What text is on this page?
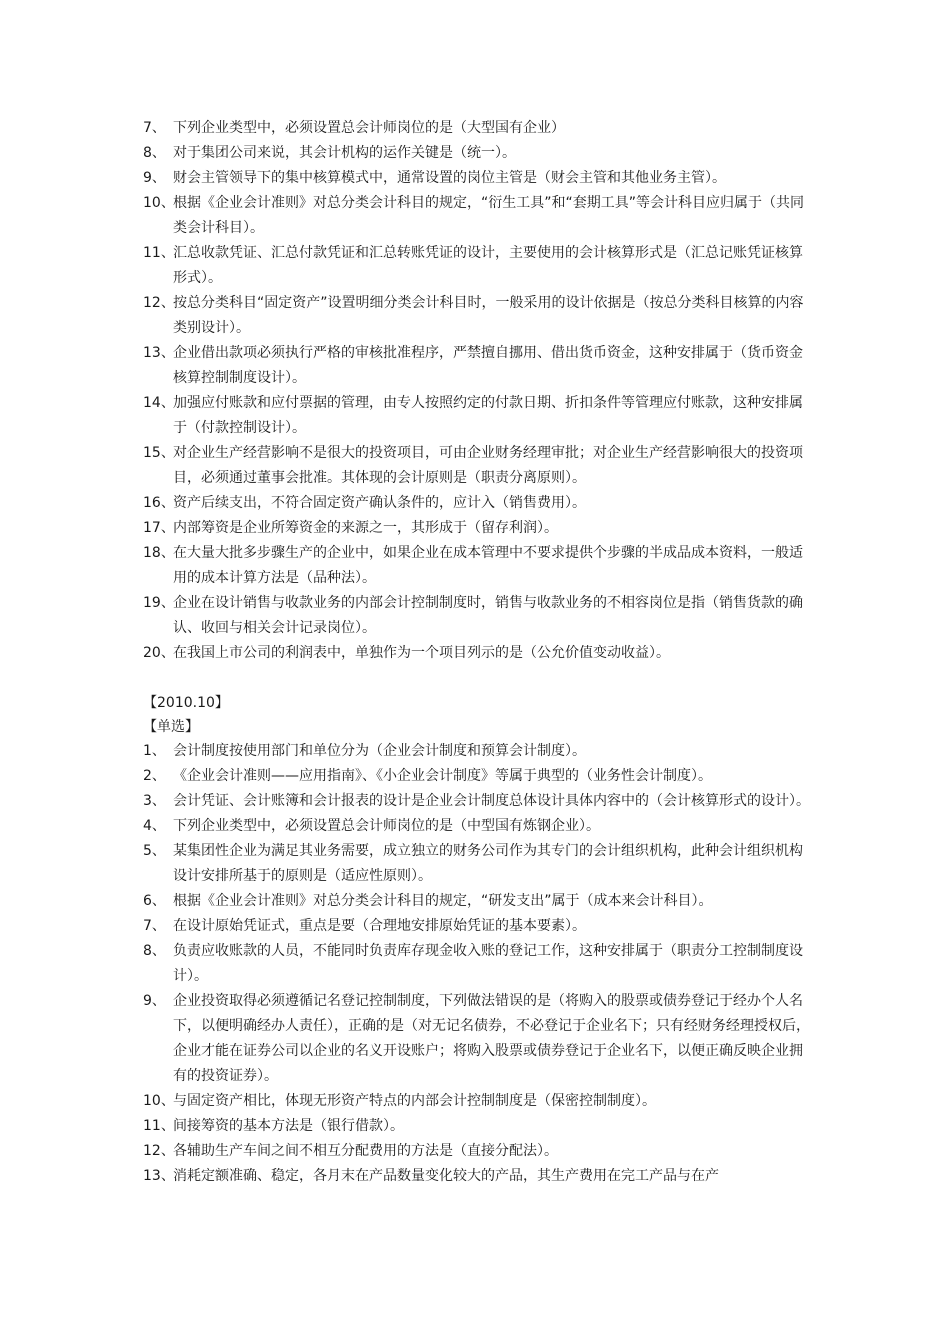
7、 下列企业类型中，必须设置总会计师岗位的是（大型国有企业）
8、 对于集团公司来说，其会计机构的运作关键是（统一）。
9、 财会主管领导下的集中核算模式中，通常设置的岗位主管是（财会主管和其他业务主管）。
10、
根据《企业会计准则》对总分类会计科目的规定，“衍生工具”和“套期工具”等会计科目应归属于（共同类会计科目）。
11、
汇总收款凭证、汇总付款凭证和汇总转账凭证的设计，主要使用的会计核算形式是（汇总记账凭证核算形式）。
12、
按总分类科目“固定资产”设置明细分类会计科目时，一般采用的设计依据是（按总分类科目核算的内容类别设计）。
13、
企业借出款项必须执行严格的审核批准程序，严禁擅自挪用、借出货币资金，这种安排属于（货币资金核算控制制度设计）。
14、
加强应付账款和应付票据的管理，由专人按照约定的付款日期、折扣条件等管理应付账款，这种安排属于（付款控制设计）。
15、
对企业生产经营影响不是很大的投资项目，可由企业财务经理审批；对企业生产经营影响很大的投资项目，必须通过董事会批准。其体现的会计原则是（职责分离原则）。
16、
资产后续支出，不符合固定资产确认条件的，应计入（销售费用）。
17、
内部筹资是企业所筹资金的来源之一，其形成于（留存利润）。
18、
在大量大批多步骤生产的企业中，如果企业在成本管理中不要求提供个步骤的半成品成本资料，一般适用的成本计算方法是（品种法）。
19、
企业在设计销售与收款业务的内部会计控制制度时，销售与收款业务的不相容岗位是指（销售货款的确认、收回与相关会计记录岗位）。
20、
在我国上市公司的利润表中，单独作为一个项目列示的是（公允价值变动收益）。
【2010.10】
【单选】
1、 会计制度按使用部门和单位分为（企业会计制度和预算会计制度）。
2、 《企业会计准则——应用指南》、《小企业会计制度》等属于典型的（业务性会计制度）。
3、 会计凭证、会计账簿和会计报表的设计是企业会计制度总体设计具体内容中的（会计核算形式的设计）。
4、 下列企业类型中，必须设置总会计师岗位的是（中型国有炼钢企业）。
5、 某集团性企业为满足其业务需要，成立独立的财务公司作为其专门的会计组织机构，此种会计组织机构设计安排所基于的原则是（适应性原则）。
6、 根据《企业会计准则》对总分类会计科目的规定，“研发支出”属于（成本来会计科目）。
7、 在设计原始凭证式，重点是要（合理地安排原始凭证的基本要素）。
8、 负责应收账款的人员，不能同时负责库存现金收入账的登记工作，这种安排属于（职责分工控制制度设计）。
9、 企业投资取得必须遵循记名登记控制制度，下列做法错误的是（将购入的股票或债券登记于经办个人名下，以便明确经办人责任），正确的是（对无记名债券，不必登记于企业名下；只有经财务经理授权后，企业才能在证券公司以企业的名义开设账户；将购入股票或债券登记于企业名下，以便正确反映企业拥有的投资证券）。
10、
与固定资产相比，体现无形资产特点的内部会计控制制度是（保密控制制度）。
11、
间接筹资的基本方法是（银行借款）。
12、
各辅助生产车间之间不相互分配费用的方法是（直接分配法）。
13、
消耗定额准确、稳定，各月末在产品数量变化较大的产品，其生产费用在完工产品与在产
